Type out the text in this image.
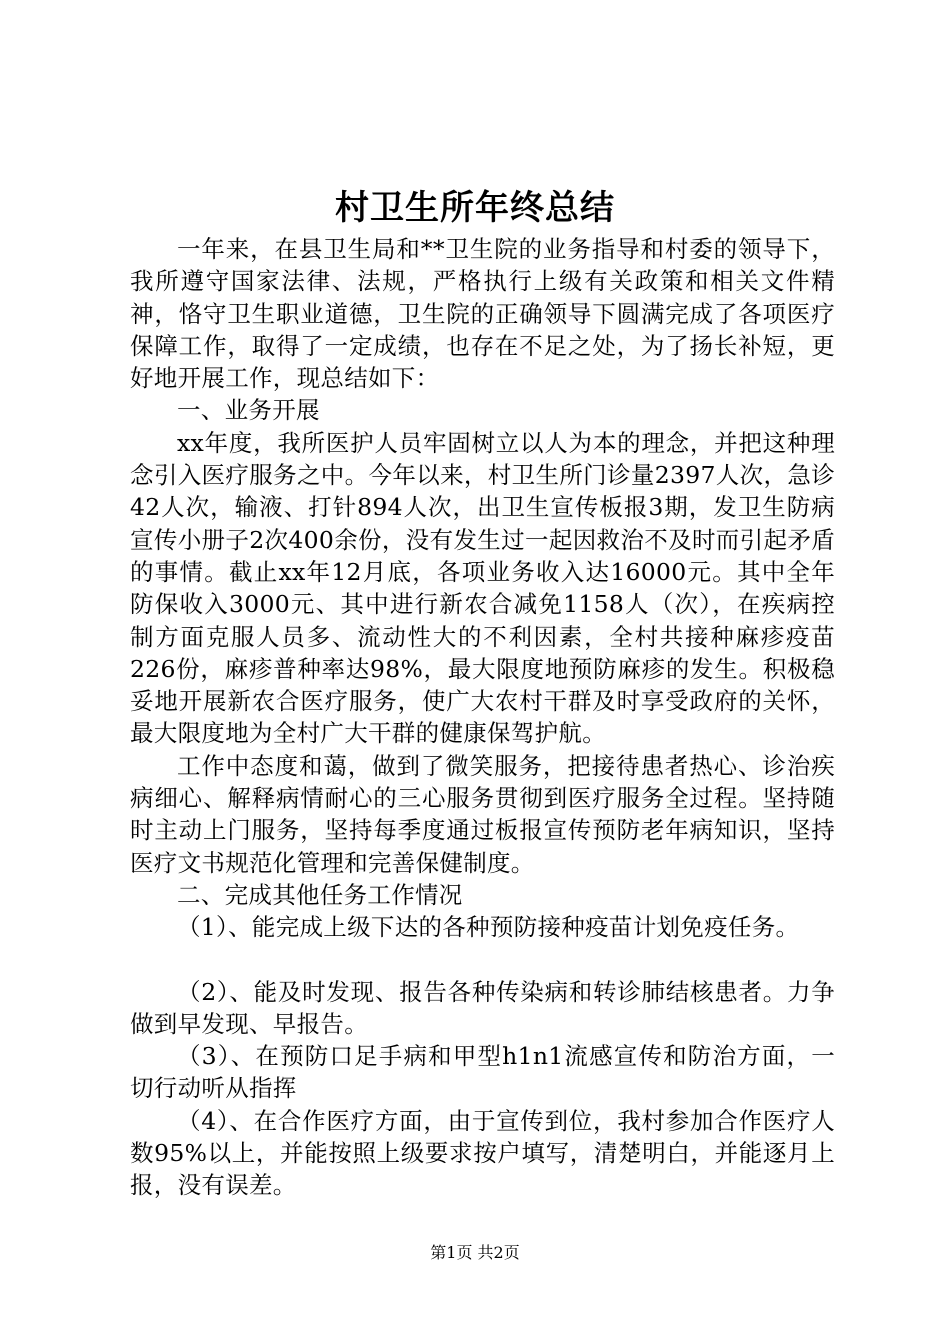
村卫生所年终总结

一年来，在县卫生局和**卫生院的业务指导和村委的领导下，我所遵守国家法律、法规，严格执行上级有关政策和相关文件精神，恪守卫生职业道德，卫生院的正确领导下圆满完成了各项医疗保障工作，取得了一定成绩，也存在不足之处，为了扬长补短，更好地开展工作，现总结如下：

一、业务开展

xx年度，我所医护人员牢固树立以人为本的理念，并把这种理念引入医疗服务之中。今年以来，村卫生所门诊量2397人次，急诊42人次，输液、打针894人次，出卫生宣传板报3期，发卫生防病宣传小册子2次400余份，没有发生过一起因救治不及时而引起矛盾的事情。截止xx年12月底，各项业务收入达16000元。其中全年防保收入3000元、其中进行新农合减免1158人（次），在疾病控制方面克服人员多、流动性大的不利因素，全村共接种麻疹疫苗226份，麻疹普种率达98%，最大限度地预防麻疹的发生。积极稳妥地开展新农合医疗服务，使广大农村干群及时享受政府的关怀，最大限度地为全村广大干群的健康保驾护航。

工作中态度和蔼，做到了微笑服务，把接待患者热心、诊治疾病细心、解释病情耐心的三心服务贯彻到医疗服务全过程。坚持随时主动上门服务，坚持每季度通过板报宣传预防老年病知识，坚持医疗文书规范化管理和完善保健制度。

二、完成其他任务工作情况

（1）、能完成上级下达的各种预防接种疫苗计划免疫任务。

（2）、能及时发现、报告各种传染病和转诊肺结核患者。力争做到早发现、早报告。

（3）、在预防口足手病和甲型h1n1流感宣传和防治方面，一切行动听从指挥

（4）、在合作医疗方面，由于宣传到位，我村参加合作医疗人数95%以上，并能按照上级要求按户填写，清楚明白，并能逐月上报，没有误差。

第1页 共2页
